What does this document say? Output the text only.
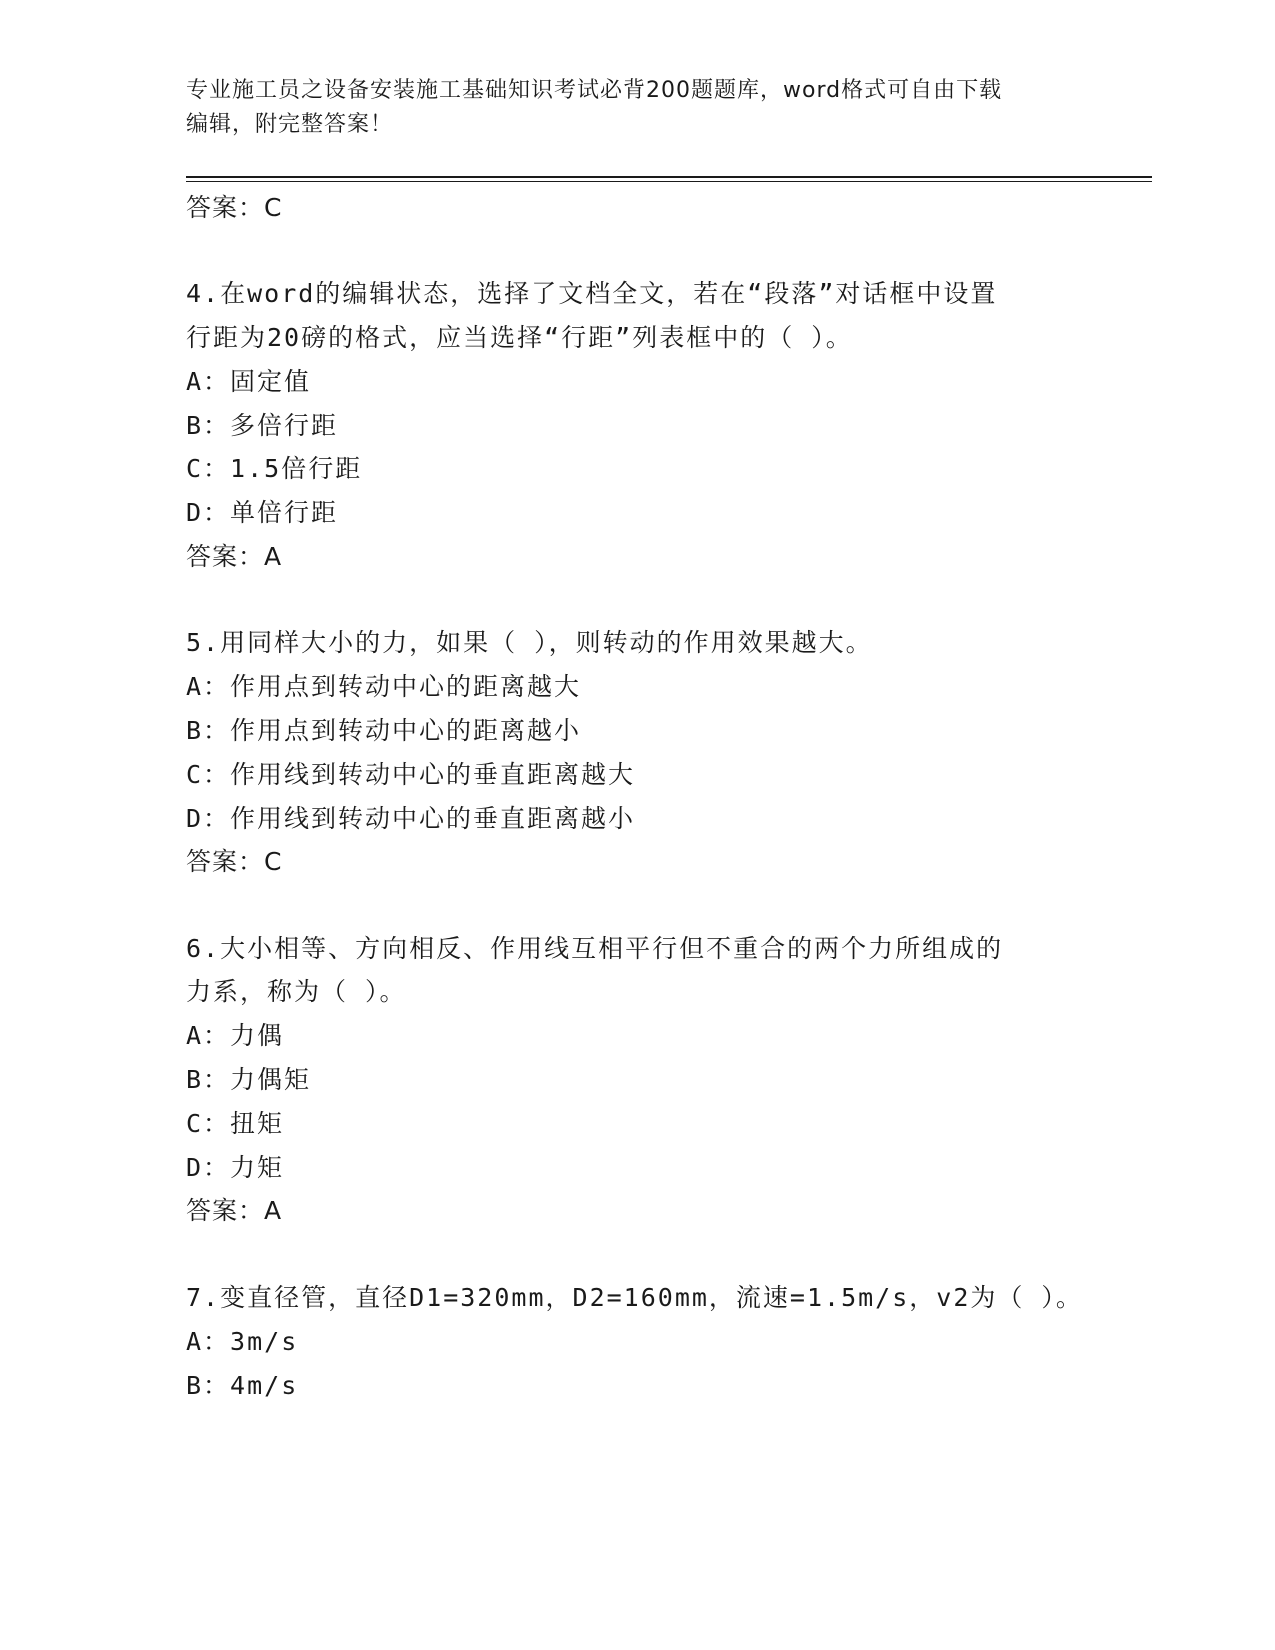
专业施工员之设备安装施工基础知识考试必背200题题库，word格式可自由下载
编辑，附完整答案！
答案：C
4.在word的编辑状态，选择了文档全文，若在“段落”对话框中设置
行距为20磅的格式，应当选择“行距”列表框中的（ ）。
A：固定值
B：多倍行距
C：1.5倍行距
D：单倍行距
答案：A
5.用同样大小的力，如果（ ），则转动的作用效果越大。
A：作用点到转动中心的距离越大
B：作用点到转动中心的距离越小
C：作用线到转动中心的垂直距离越大
D：作用线到转动中心的垂直距离越小
答案：C
6.大小相等、方向相反、作用线互相平行但不重合的两个力所组成的
力系，称为（ ）。
A：力偶
B：力偶矩
C：扭矩
D：力矩
答案：A
7.变直径管，直径D1=320mm，D2=160mm，流速=1.5m/s，v2为（ ）。
A：3m/s
B：4m/s
